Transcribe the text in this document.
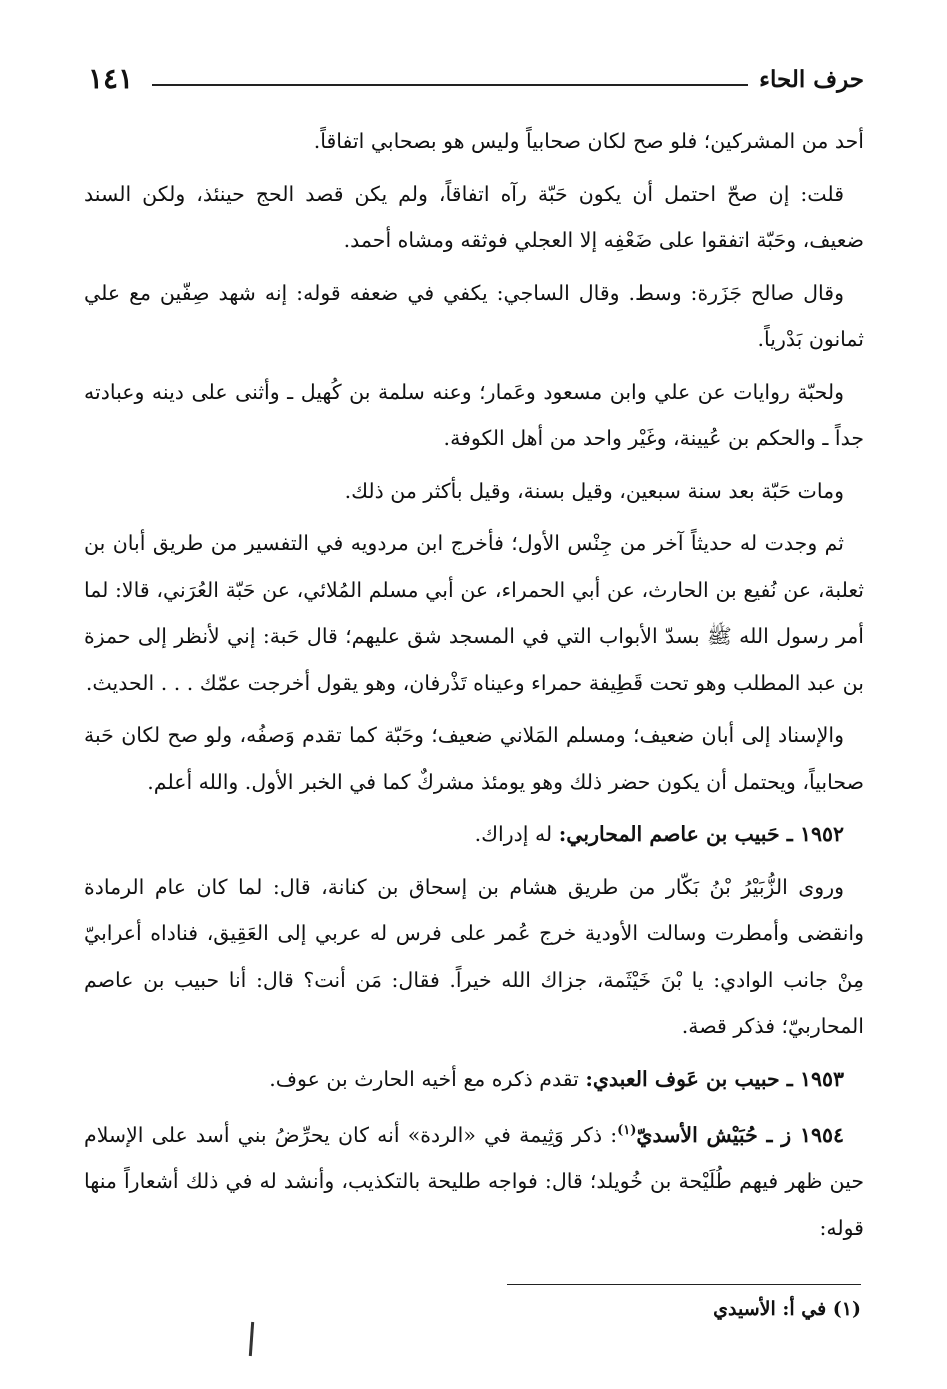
حرف الحاء
١٤١

أحد من المشركين؛ فلو صح لكان صحابياً وليس هو بصحابي اتفاقاً.

قلت: إن صحّ احتمل أن يكون حَبّة رآه اتفاقاً، ولم يكن قصد الحج حينئذ، ولكن السند ضعيف، وحَبّة اتفقوا على ضَعْفِه إلا العجلي فوثقه ومشاه أحمد.

وقال صالح جَزَرة: وسط. وقال الساجي: يكفي في ضعفه قوله: إنه شهد صِفّين مع علي ثمانون بَدْرياً.

ولحبّة روايات عن علي وابن مسعود وعَمار؛ وعنه سلمة بن كُهيل ـ وأثنى على دينه وعبادته جداً ـ والحكم بن عُيينة، وغَيْر واحد من أهل الكوفة.

ومات حَبّة بعد سنة سبعين، وقيل بسنة، وقيل بأكثر من ذلك.

ثم وجدت له حديثاً آخر من جِنْس الأول؛ فأخرج ابن مردويه في التفسير من طريق أبان بن ثعلبة، عن نُفيع بن الحارث، عن أبي الحمراء، عن أبي مسلم المُلائي، عن حَبّة العُرَني، قالا: لما أمر رسول الله ﷺ بسدّ الأبواب التي في المسجد شق عليهم؛ قال حَبة: إني لأنظر إلى حمزة بن عبد المطلب وهو تحت قَطِيفة حمراء وعيناه تَذْرفان، وهو يقول أخرجت عمّك . . . الحديث.

والإسناد إلى أبان ضعيف؛ ومسلم المَلاني ضعيف؛ وحَبّة كما تقدم وَصفُه، ولو صح لكان حَبة صحابياً، ويحتمل أن يكون حضر ذلك وهو يومئذ مشركٌ كما في الخبر الأول. والله أعلم.

١٩٥٢ ـ حَبيب بن عاصم المحاربي: له إدراك.

وروى الزُّبَيْرُ بْنُ بَكّار من طريق هشام بن إسحاق بن كنانة، قال: لما كان عام الرمادة وانقضى وأمطرت وسالت الأودية خرج عُمر على فرس له عربي إلى العَقِيق، فناداه أعرابيّ مِنْ جانب الوادي: يا بْنَ خَيْثَمة، جزاك الله خيراً. فقال: مَن أنت؟ قال: أنا حبيب بن عاصم المحاربيّ؛ فذكر قصة.

١٩٥٣ ـ حبيب بن عَوف العبدي: تقدم ذكره مع أخيه الحارث بن عوف.

١٩٥٤ ز ـ حُبَيْش الأسديّ$^{(١)}$: ذكر وَثِيمة في «الردة» أنه كان يحرِّضُ بني أسد على الإسلام حين ظهر فيهم طُلَيْحة بن خُويلد؛ قال: فواجه طليحة بالتكذيب، وأنشد له في ذلك أشعاراً منها قوله:

(١) في أ: الأسيدي
